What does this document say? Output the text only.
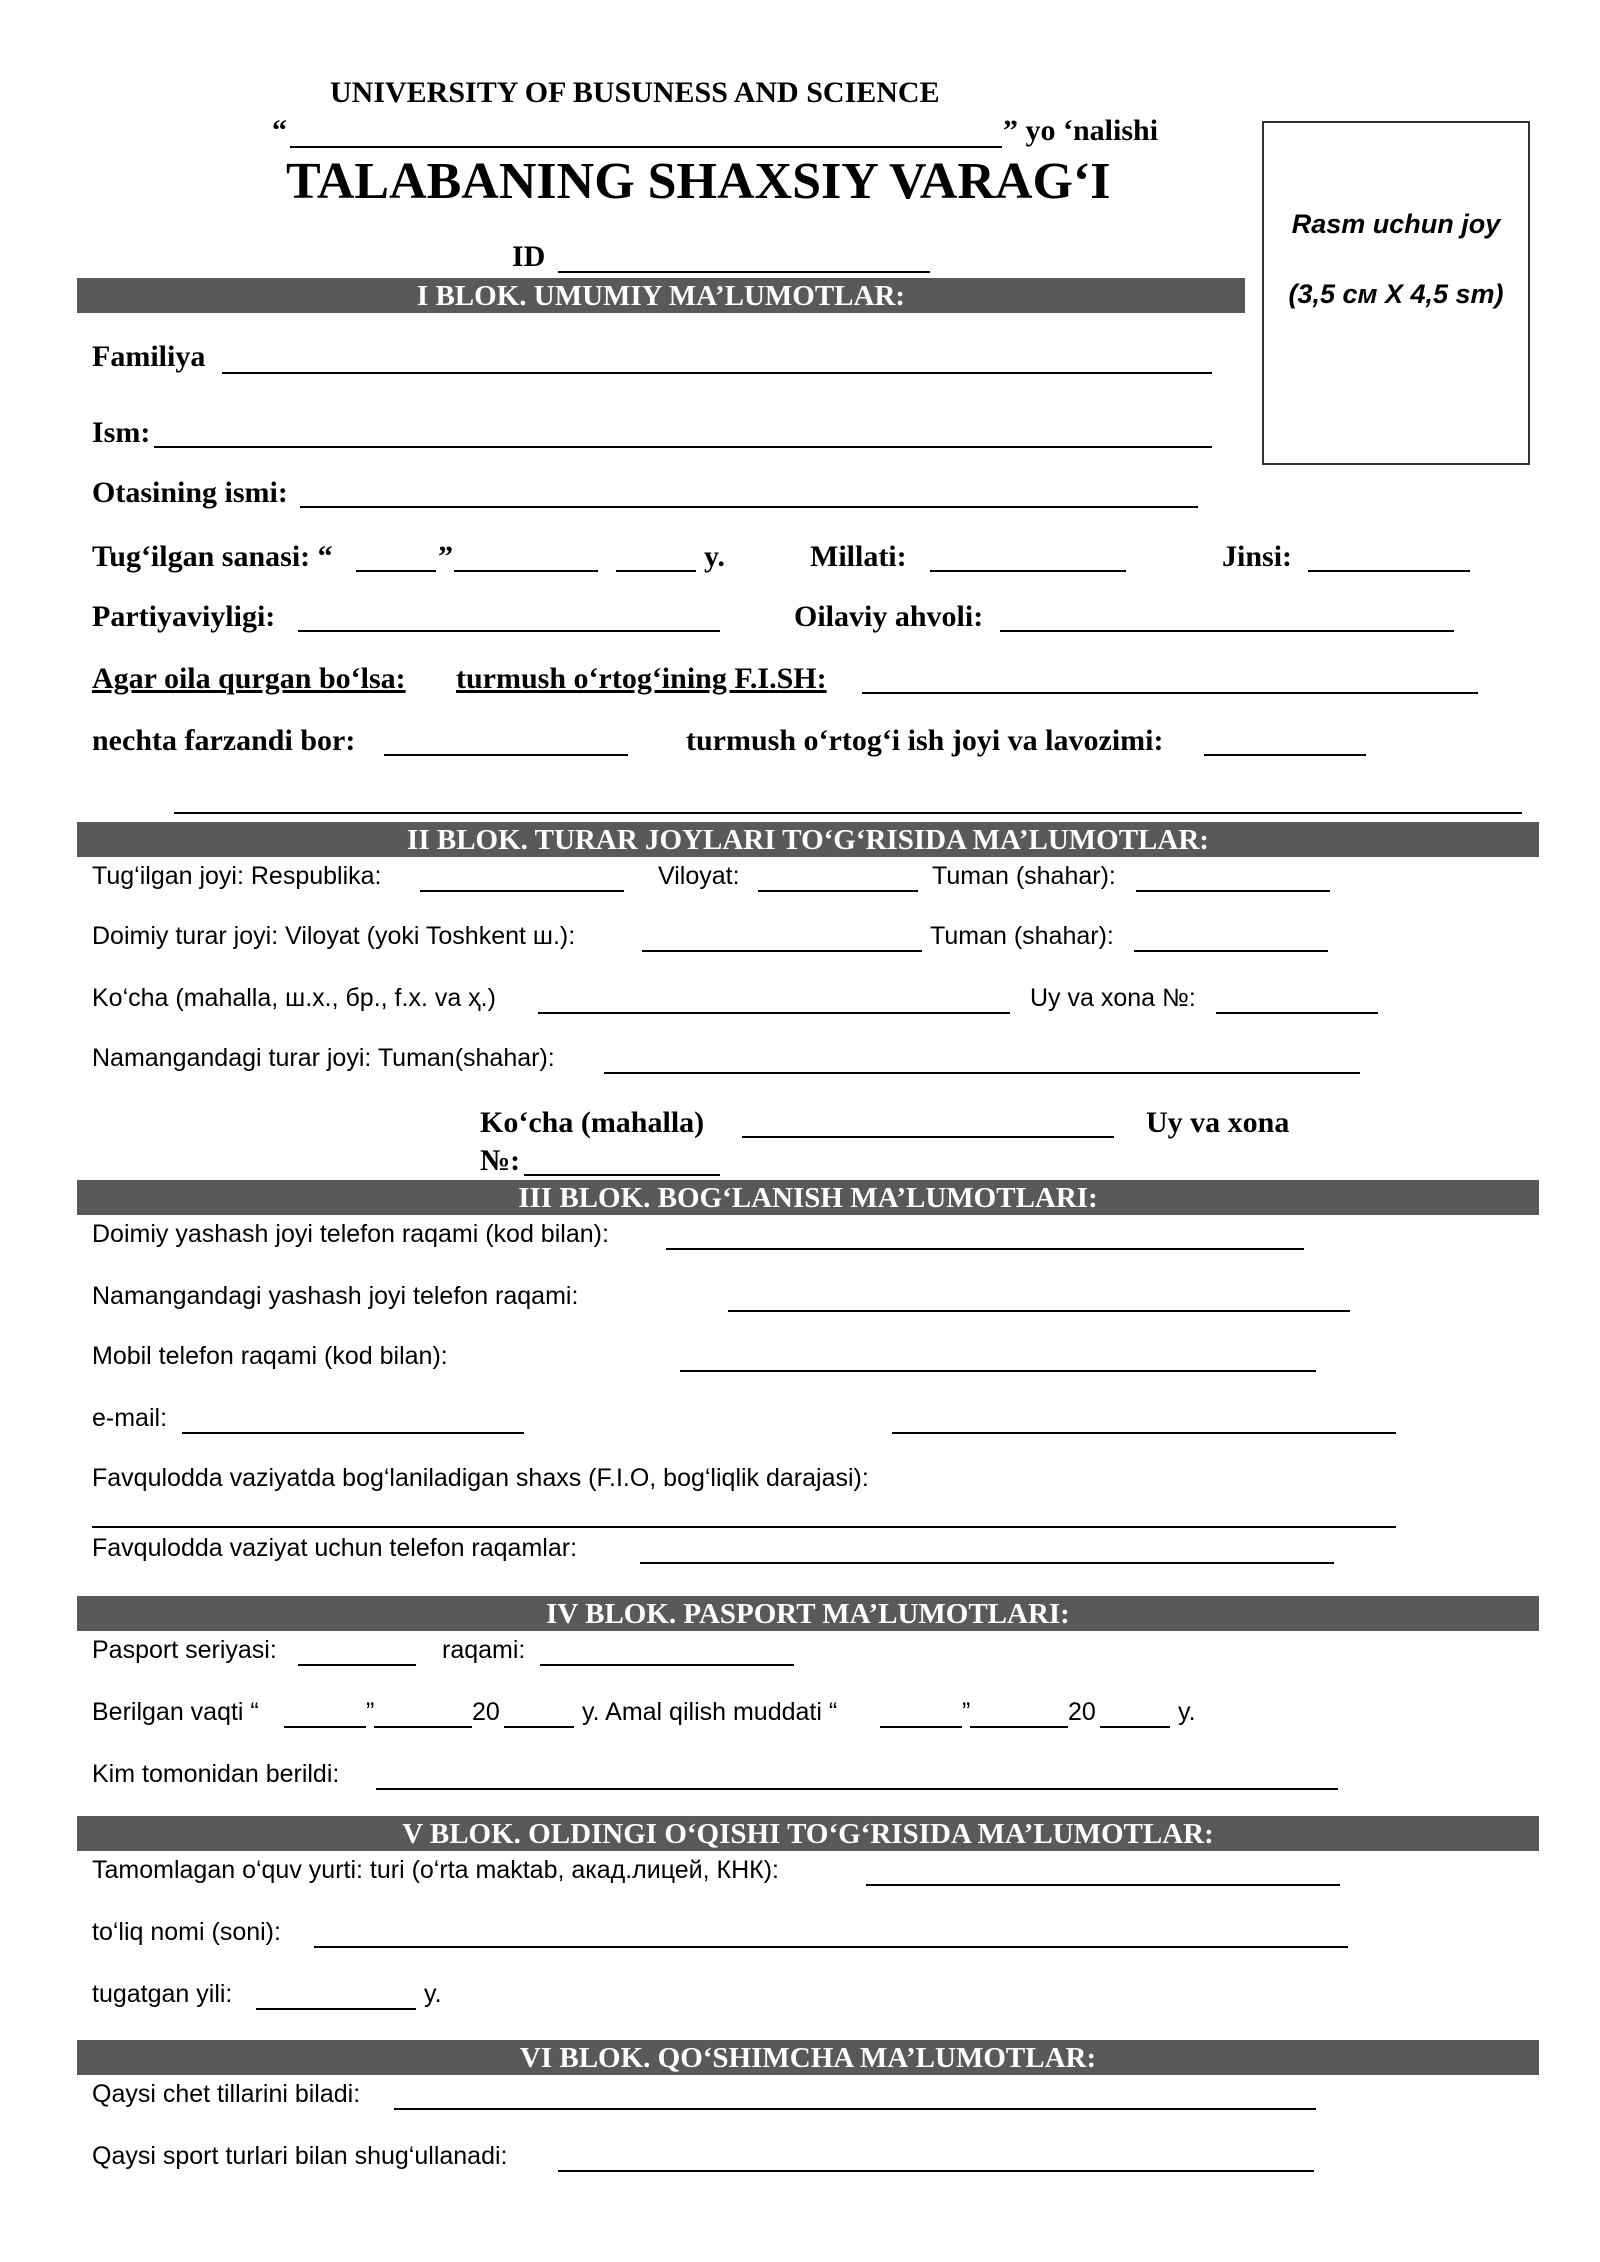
UNIVERSITY OF BUSUNESS AND SCIENCE
“	” yo ‘nalishi
TALABANING SHAXSIY VARAG‘I
ID
Rasm uchun joy
(3,5 см X 4,5 sm)
I BLOK. UMUMIY MA’LUMOTLAR:
Familiya
Ism:
Otasining ismi:
Tug‘ilgan sanasi: “	”	y.	Millati:	Jinsi:
Partiyaviyligi:	Oilaviy ahvoli:
Agar oila qurgan bo‘lsa: turmush o‘rtog‘ining F.I.SH:
nechta farzandi bor:	turmush o‘rtog‘i ish joyi va lavozimi:
II BLOK. TURAR JOYLARI TO‘G‘RISIDA MA’LUMOTLAR:
Tug‘ilgan joyi: Respublika:	Viloyat:	Tuman (shahar):
Doimiy turar joyi: Viloyat (yoki Toshkent ш.):	Tuman (shahar):
Ko‘cha (mahalla, ш.х., бр., f.x. va ҳ.)	Uy va xona №:
Namangandagi turar joyi: Tuman(shahar):
Ko‘cha (mahalla)	Uy va xona
№:
III BLOK. BOG‘LANISH MA’LUMOTLARI:
Doimiy yashash joyi telefon raqami (kod bilan):
Namangandagi yashash joyi telefon raqami:
Mobil telefon raqami (kod bilan):
e-mail:
Favqulodda vaziyatda bog‘laniladigan shaxs (F.I.O, bog‘liqlik darajasi):
Favqulodda vaziyat uchun telefon raqamlar:
IV BLOK. PASPORT MA’LUMOTLARI:
Pasport seriyasi:	raqami:
Berilgan vaqti “	”	20	y. Amal qilish muddati “	”	20	y.
Kim tomonidan berildi:
V BLOK. OLDINGI O‘QISHI TO‘G‘RISIDA MA’LUMOTLAR:
Tamomlagan o‘quv yurti: turi (o‘rta maktab, акад.лицей, КНК):
to‘liq nomi (soni):
tugatgan yili:	y.
VI BLOK. QO‘SHIMCHA MA’LUMOTLAR:
Qaysi chet tillarini biladi:
Qaysi sport turlari bilan shug‘ullanadi:
